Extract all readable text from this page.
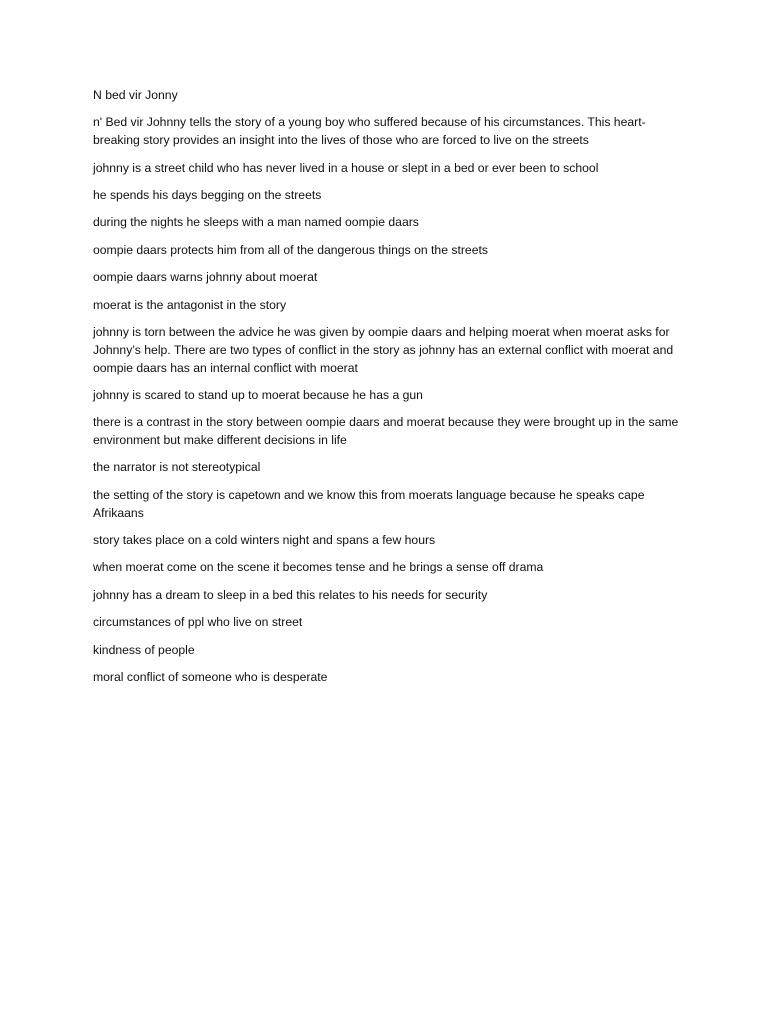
N bed vir Jonny

n' Bed vir Johnny tells the story of a young boy who suffered because of his circumstances. This heart-breaking story provides an insight into the lives of those who are forced to live on the streets

johnny is a street child who has never lived in a house or slept in a bed or ever been to school

he spends his days begging on the streets

during the nights he sleeps with a man named oompie daars

oompie daars protects him from all of the dangerous things on the streets

oompie daars warns johnny about moerat

moerat is the antagonist in the story

johnny is torn between the advice he was given by oompie daars and helping moerat when moerat asks for Johnny’s help. There are two types of conflict in the story as johnny has an external conflict with moerat and oompie daars has an internal conflict with moerat

johnny is scared to stand up to moerat because he has a gun

there is a contrast in the story between oompie daars and moerat because they were brought up in the same environment but make different decisions in life

the narrator is not stereotypical

the setting of the story is capetown and we know this from moerats language because he speaks cape Afrikaans

story takes place on a cold winters night and spans a few hours

when moerat come on the scene it becomes tense and he brings a sense off drama

johnny has a dream to sleep in a bed this relates to his needs for security

circumstances of ppl who live on street

kindness of people

moral conflict of someone who is desperate
